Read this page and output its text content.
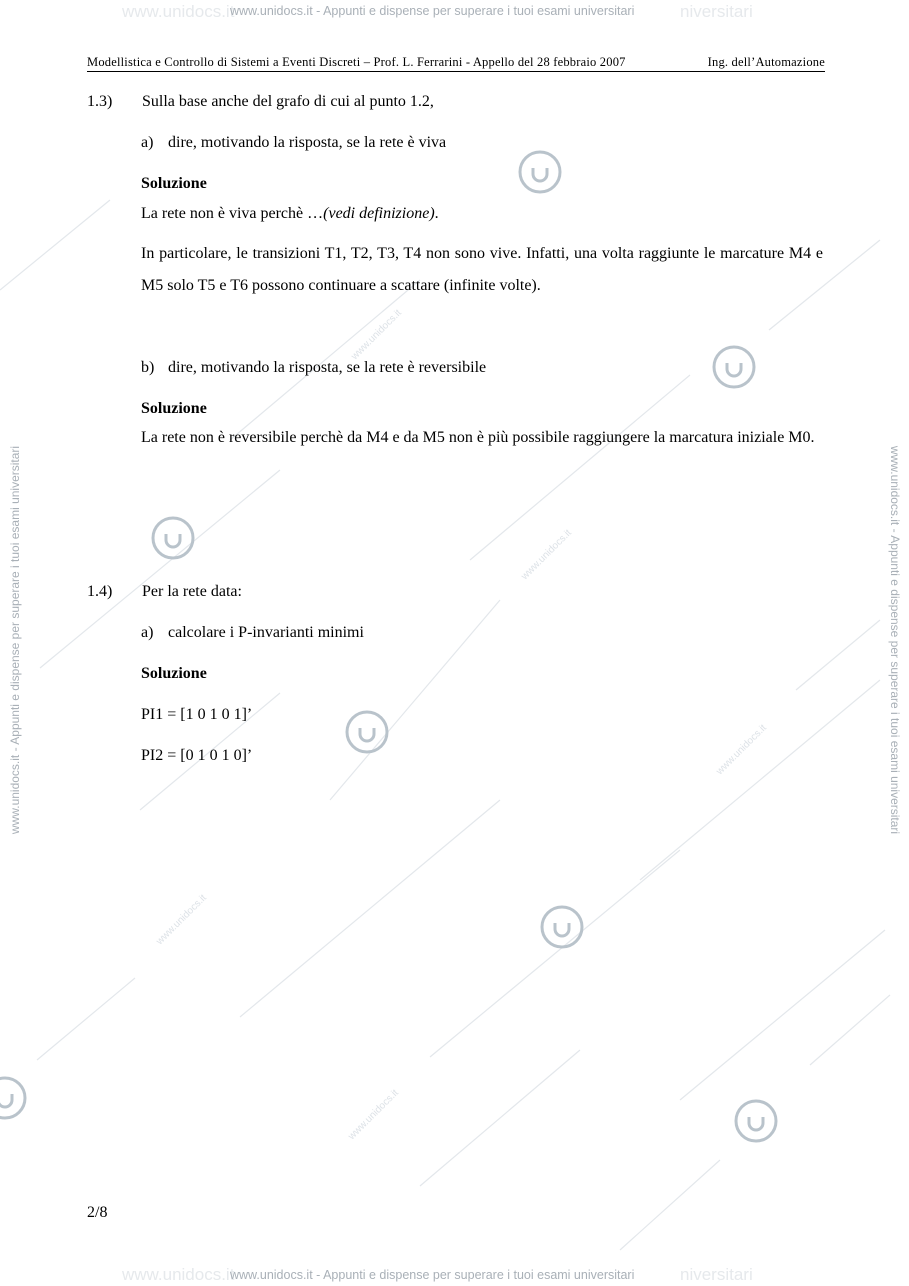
www.unidocs.it
www.unidocs.it
www.unidocs.it
www.unidocs.it
www.unidocs.it
www.unidocs.it	niversitari
www.unidocs.it	niversitari
www.unidocs.it - Appunti e dispense per superare i tuoi esami universitari
www.unidocs.it - Appunti e dispense per superare i tuoi esami universitari
www.unidocs.it - Appunti e dispense per superare i tuoi esami universitari	www.unidocs.it - Appunti e dispense per superare i tuoi esami universitari
Modellistica e Controllo di Sistemi a Eventi Discreti – Prof. L. Ferrarini - Appello del 28 febbraio 2007	Ing. dell’Automazione
1.3) Sulla base anche del grafo di cui al punto 1.2,
a) dire, motivando la risposta, se la rete è viva
Soluzione
La rete non è viva perchè …(vedi definizione).
In particolare, le transizioni T1, T2, T3, T4 non sono vive. Infatti, una volta raggiunte le marcature M4 e M5 solo T5 e T6 possono continuare a scattare (infinite volte).
b) dire, motivando la risposta, se la rete è reversibile
Soluzione
La rete non è reversibile perchè da M4 e da M5 non è più possibile raggiungere la marcatura iniziale M0.
1.4) Per la rete data:
a) calcolare i P-invarianti minimi
Soluzione
PI1 = [1 0 1 0 1]’
PI2 = [0 1 0 1 0]’
2/8
